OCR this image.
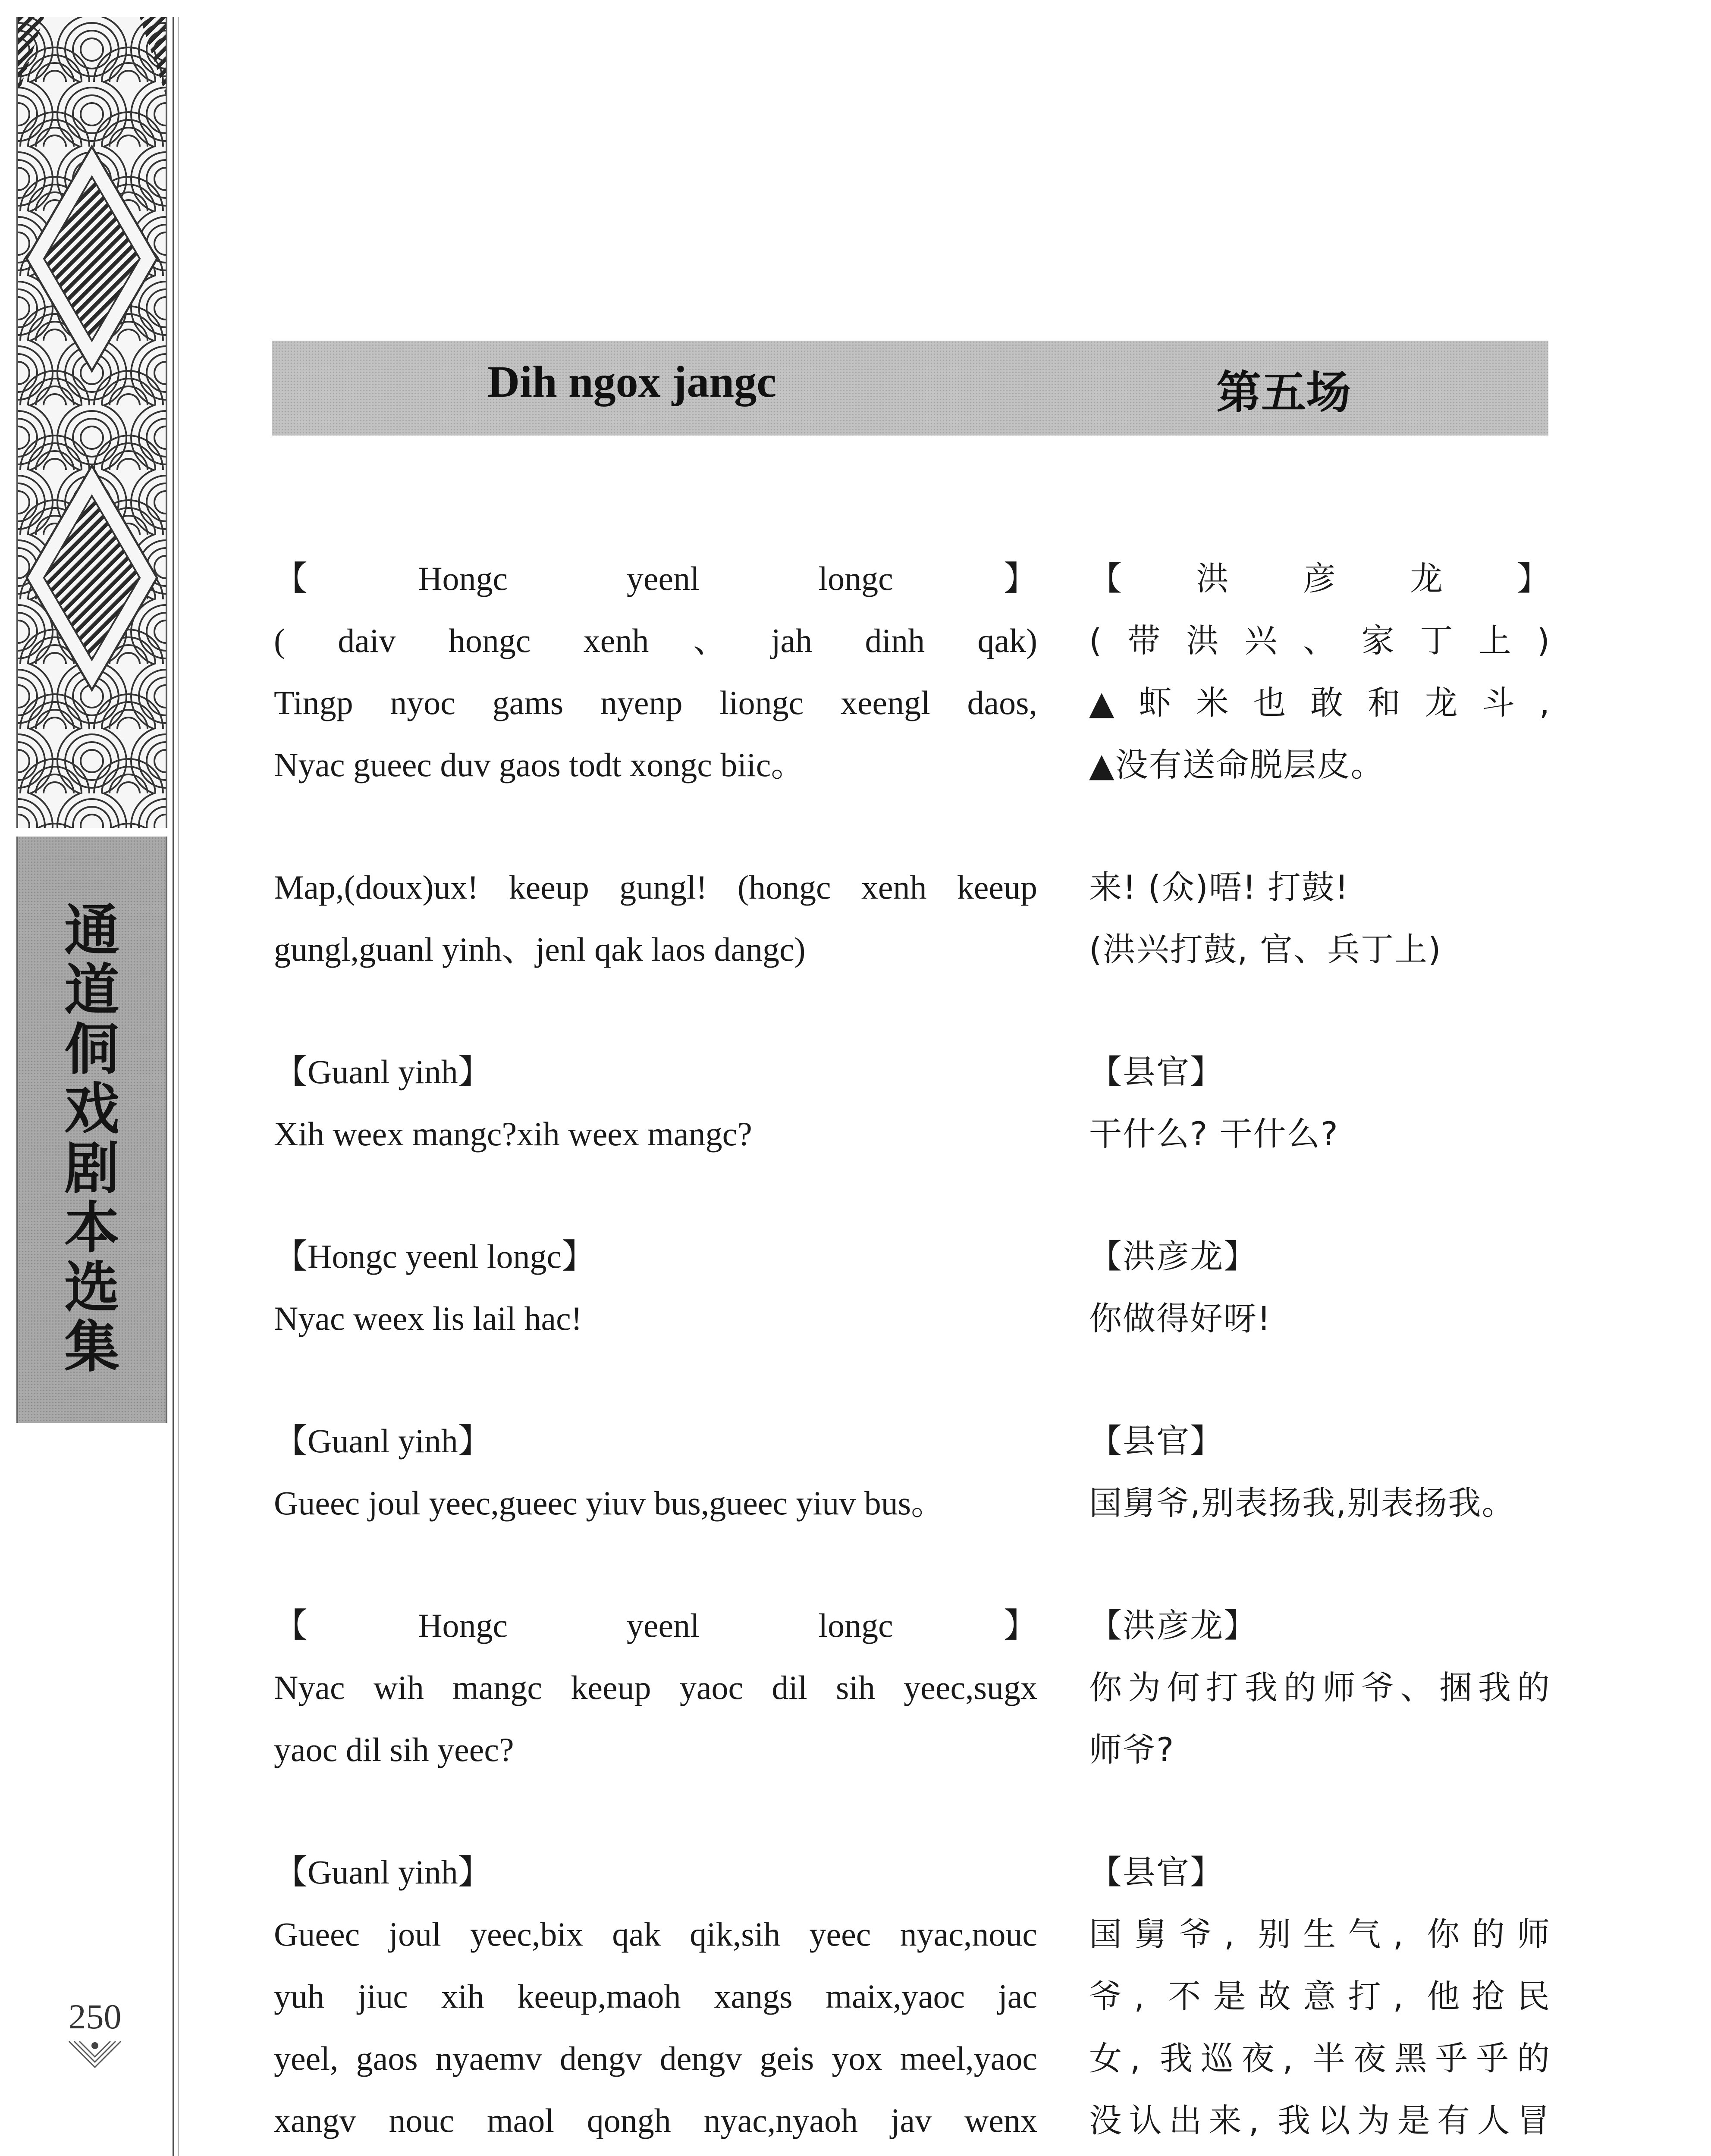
通
道
侗
戏
剧
本
选
集
250
Dih ngox jangc	第五场
【Hongc yeenl longc】
( daiv hongc xenh、jah dinh qak)
Tingp nyoc gams nyenp liongc xeengl daos,
Nyac gueec duv gaos todt xongc biic。
【洪彦龙】
(带洪兴、家丁上)
▲虾米也敢和龙斗,
▲没有送命脱层皮。
Map,(doux)ux! keeup gungl! (hongc xenh keeup
gungl,guanl yinh、jenl qak laos dangc)
来! (众)唔! 打鼓!
(洪兴打鼓, 官、兵丁上)
【Guanl yinh】
Xih weex mangc?xih weex mangc?
【县官】
干什么? 干什么?
【Hongc yeenl longc】
Nyac weex lis lail hac!
【洪彦龙】
你做得好呀!
【Guanl yinh】
Gueec joul yeec,gueec yiuv bus,gueec yiuv bus。
【县官】
国舅爷,别表扬我,别表扬我。
【Hongc yeenl longc】
Nyac wih mangc keeup yaoc dil sih yeec,sugx
yaoc dil sih yeec?
【洪彦龙】
你为何打我的师爷、捆我的
师爷?
【Guanl yinh】
Gueec joul yeec,bix qak qik,sih yeec nyac,nouc
yuh jiuc xih keeup,maoh xangs maix,yaoc jac
yeel, gaos nyaemv dengv dengv geis yox meel,yaoc
xangv nouc maol qongh nyac,nyaoh jav wenx
【县官】
国舅爷, 别生气, 你的师
爷, 不是故意打, 他抢民
女, 我巡夜, 半夜黑乎乎的
没认出来, 我以为是有人冒
